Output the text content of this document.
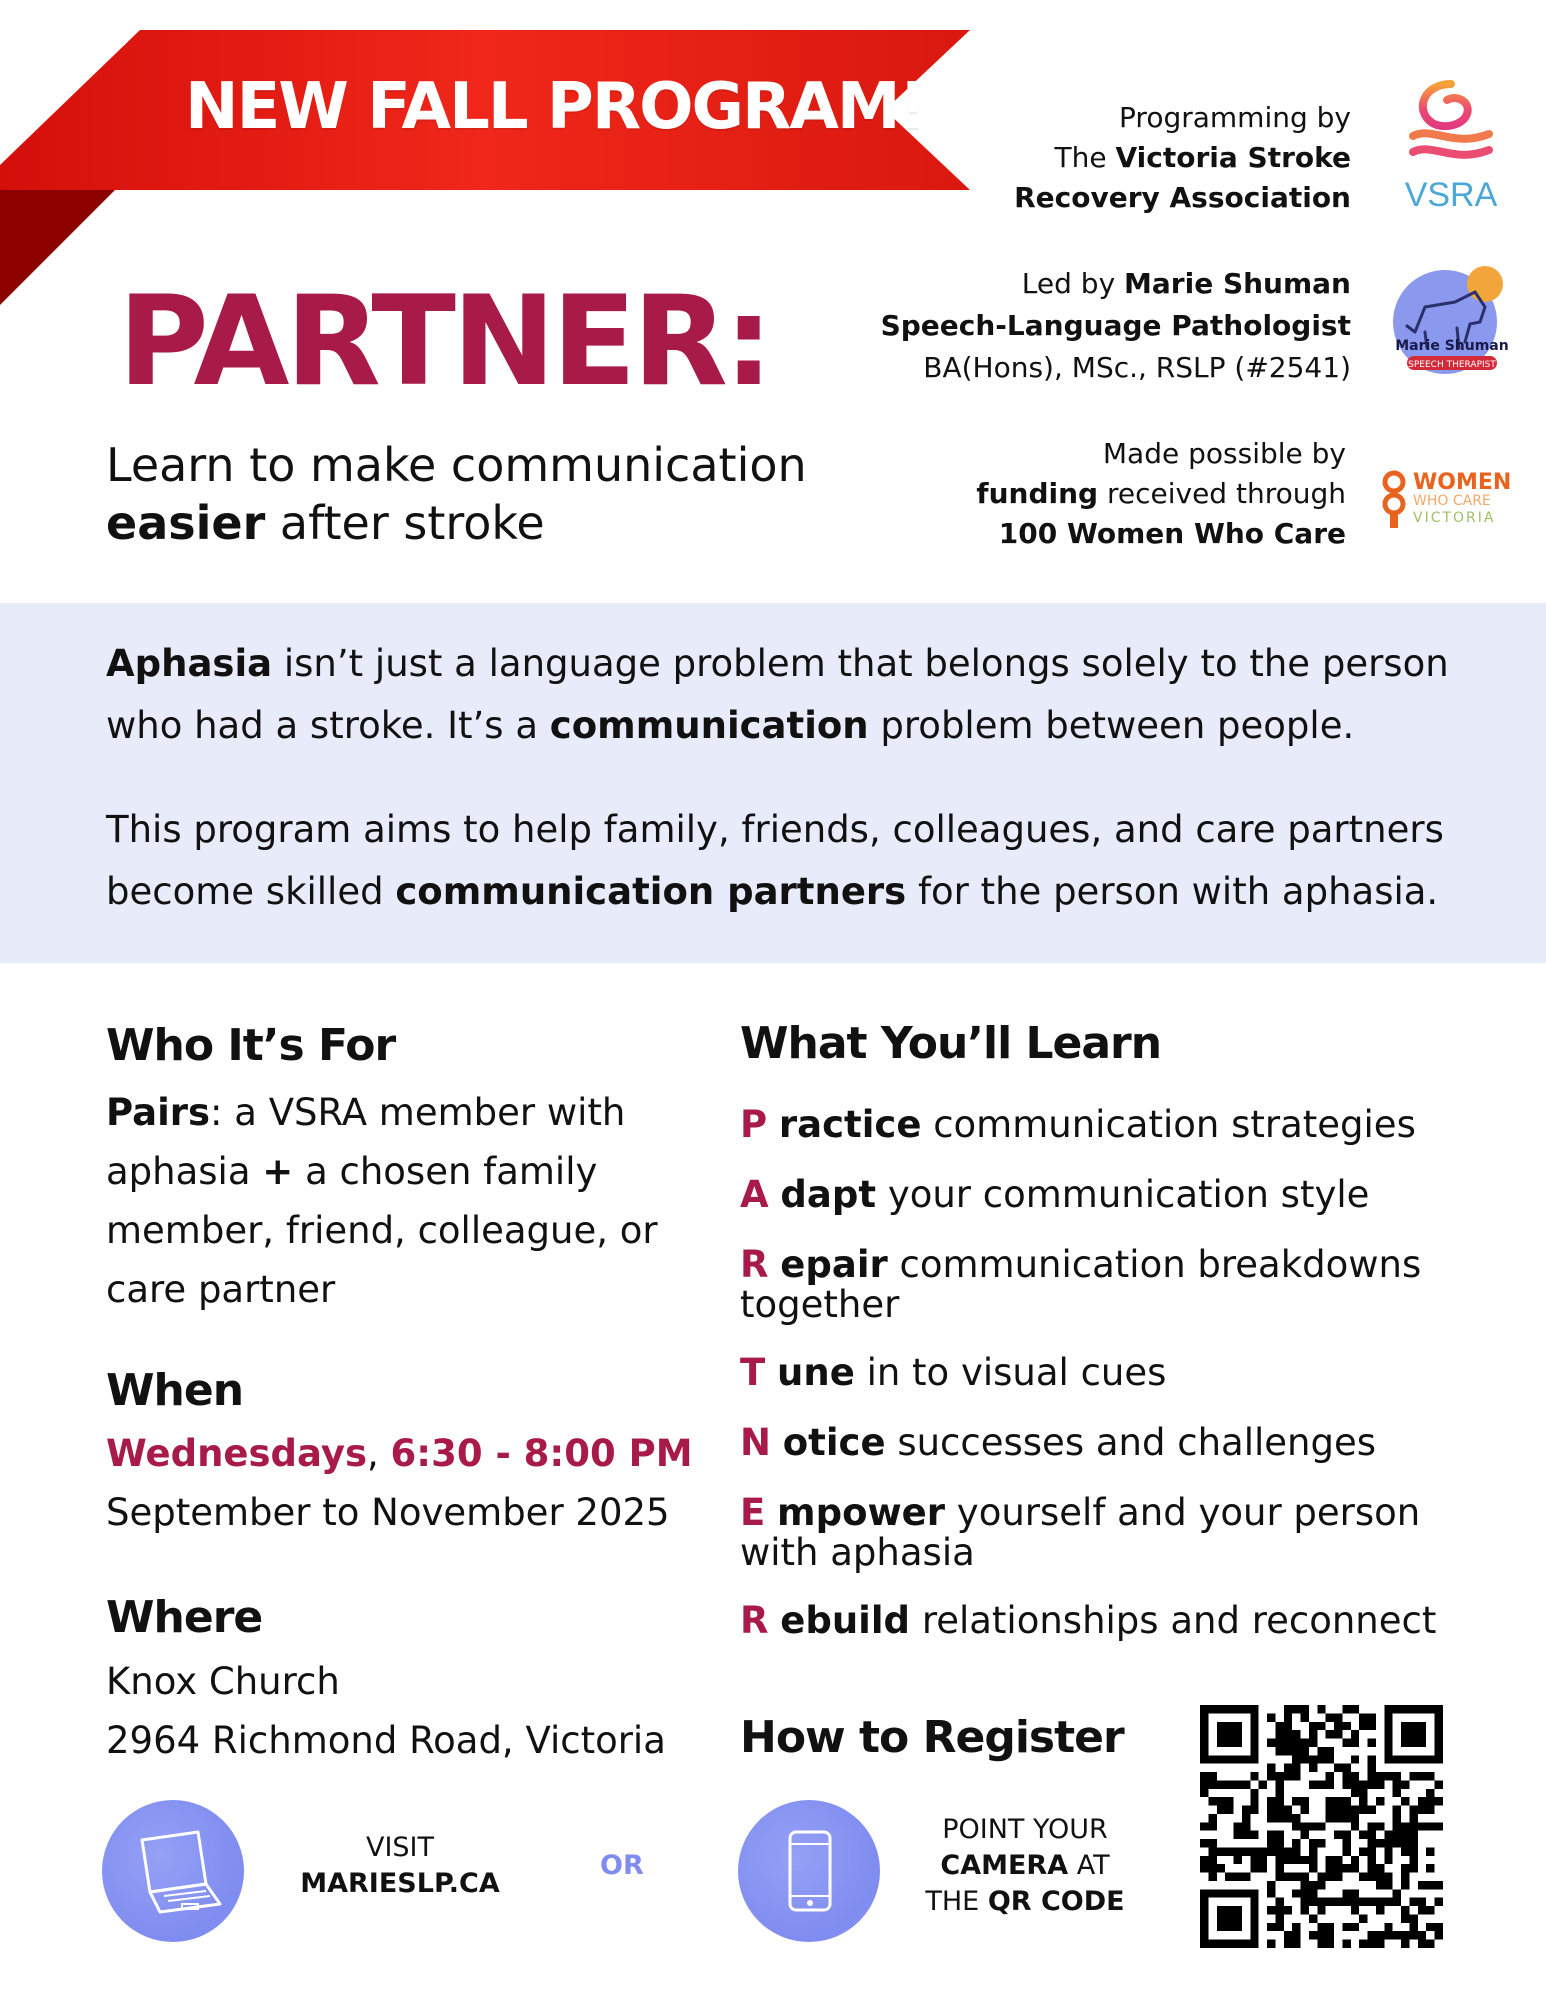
NEW FALL PROGRAM!
PARTNER:
Learn to make communication
easier after stroke
Programming by
The Victoria Stroke
Recovery Association
Led by Marie Shuman
Speech-Language Pathologist
BA(Hons), MSc., RSLP (#2541)
Made possible by
funding received through
100 Women Who Care
VSRA
Marie Shuman
SPEECH THERAPIST
WOMEN
WHO CARE
VICTORIA

Aphasia isn’t just a language problem that belongs solely to the person who had a stroke. It’s a communication problem between people.

This program aims to help family, friends, colleagues, and care partners become skilled communication partners for the person with aphasia.

Who It’s For
Pairs: a VSRA member with aphasia + a chosen family member, friend, colleague, or care partner
When
Wednesdays, 6:30 - 8:00 PM
September to November 2025
Where
Knox Church
2964 Richmond Road, Victoria
What You’ll Learn
P ractice communication strategies
A dapt your communication style
R epair communication breakdowns together
T une in to visual cues
N otice successes and challenges
E mpower yourself and your person with aphasia
R ebuild relationships and reconnect
How to Register
VISIT
MARIESLP.CA
OR
POINT YOUR
CAMERA AT
THE QR CODE
